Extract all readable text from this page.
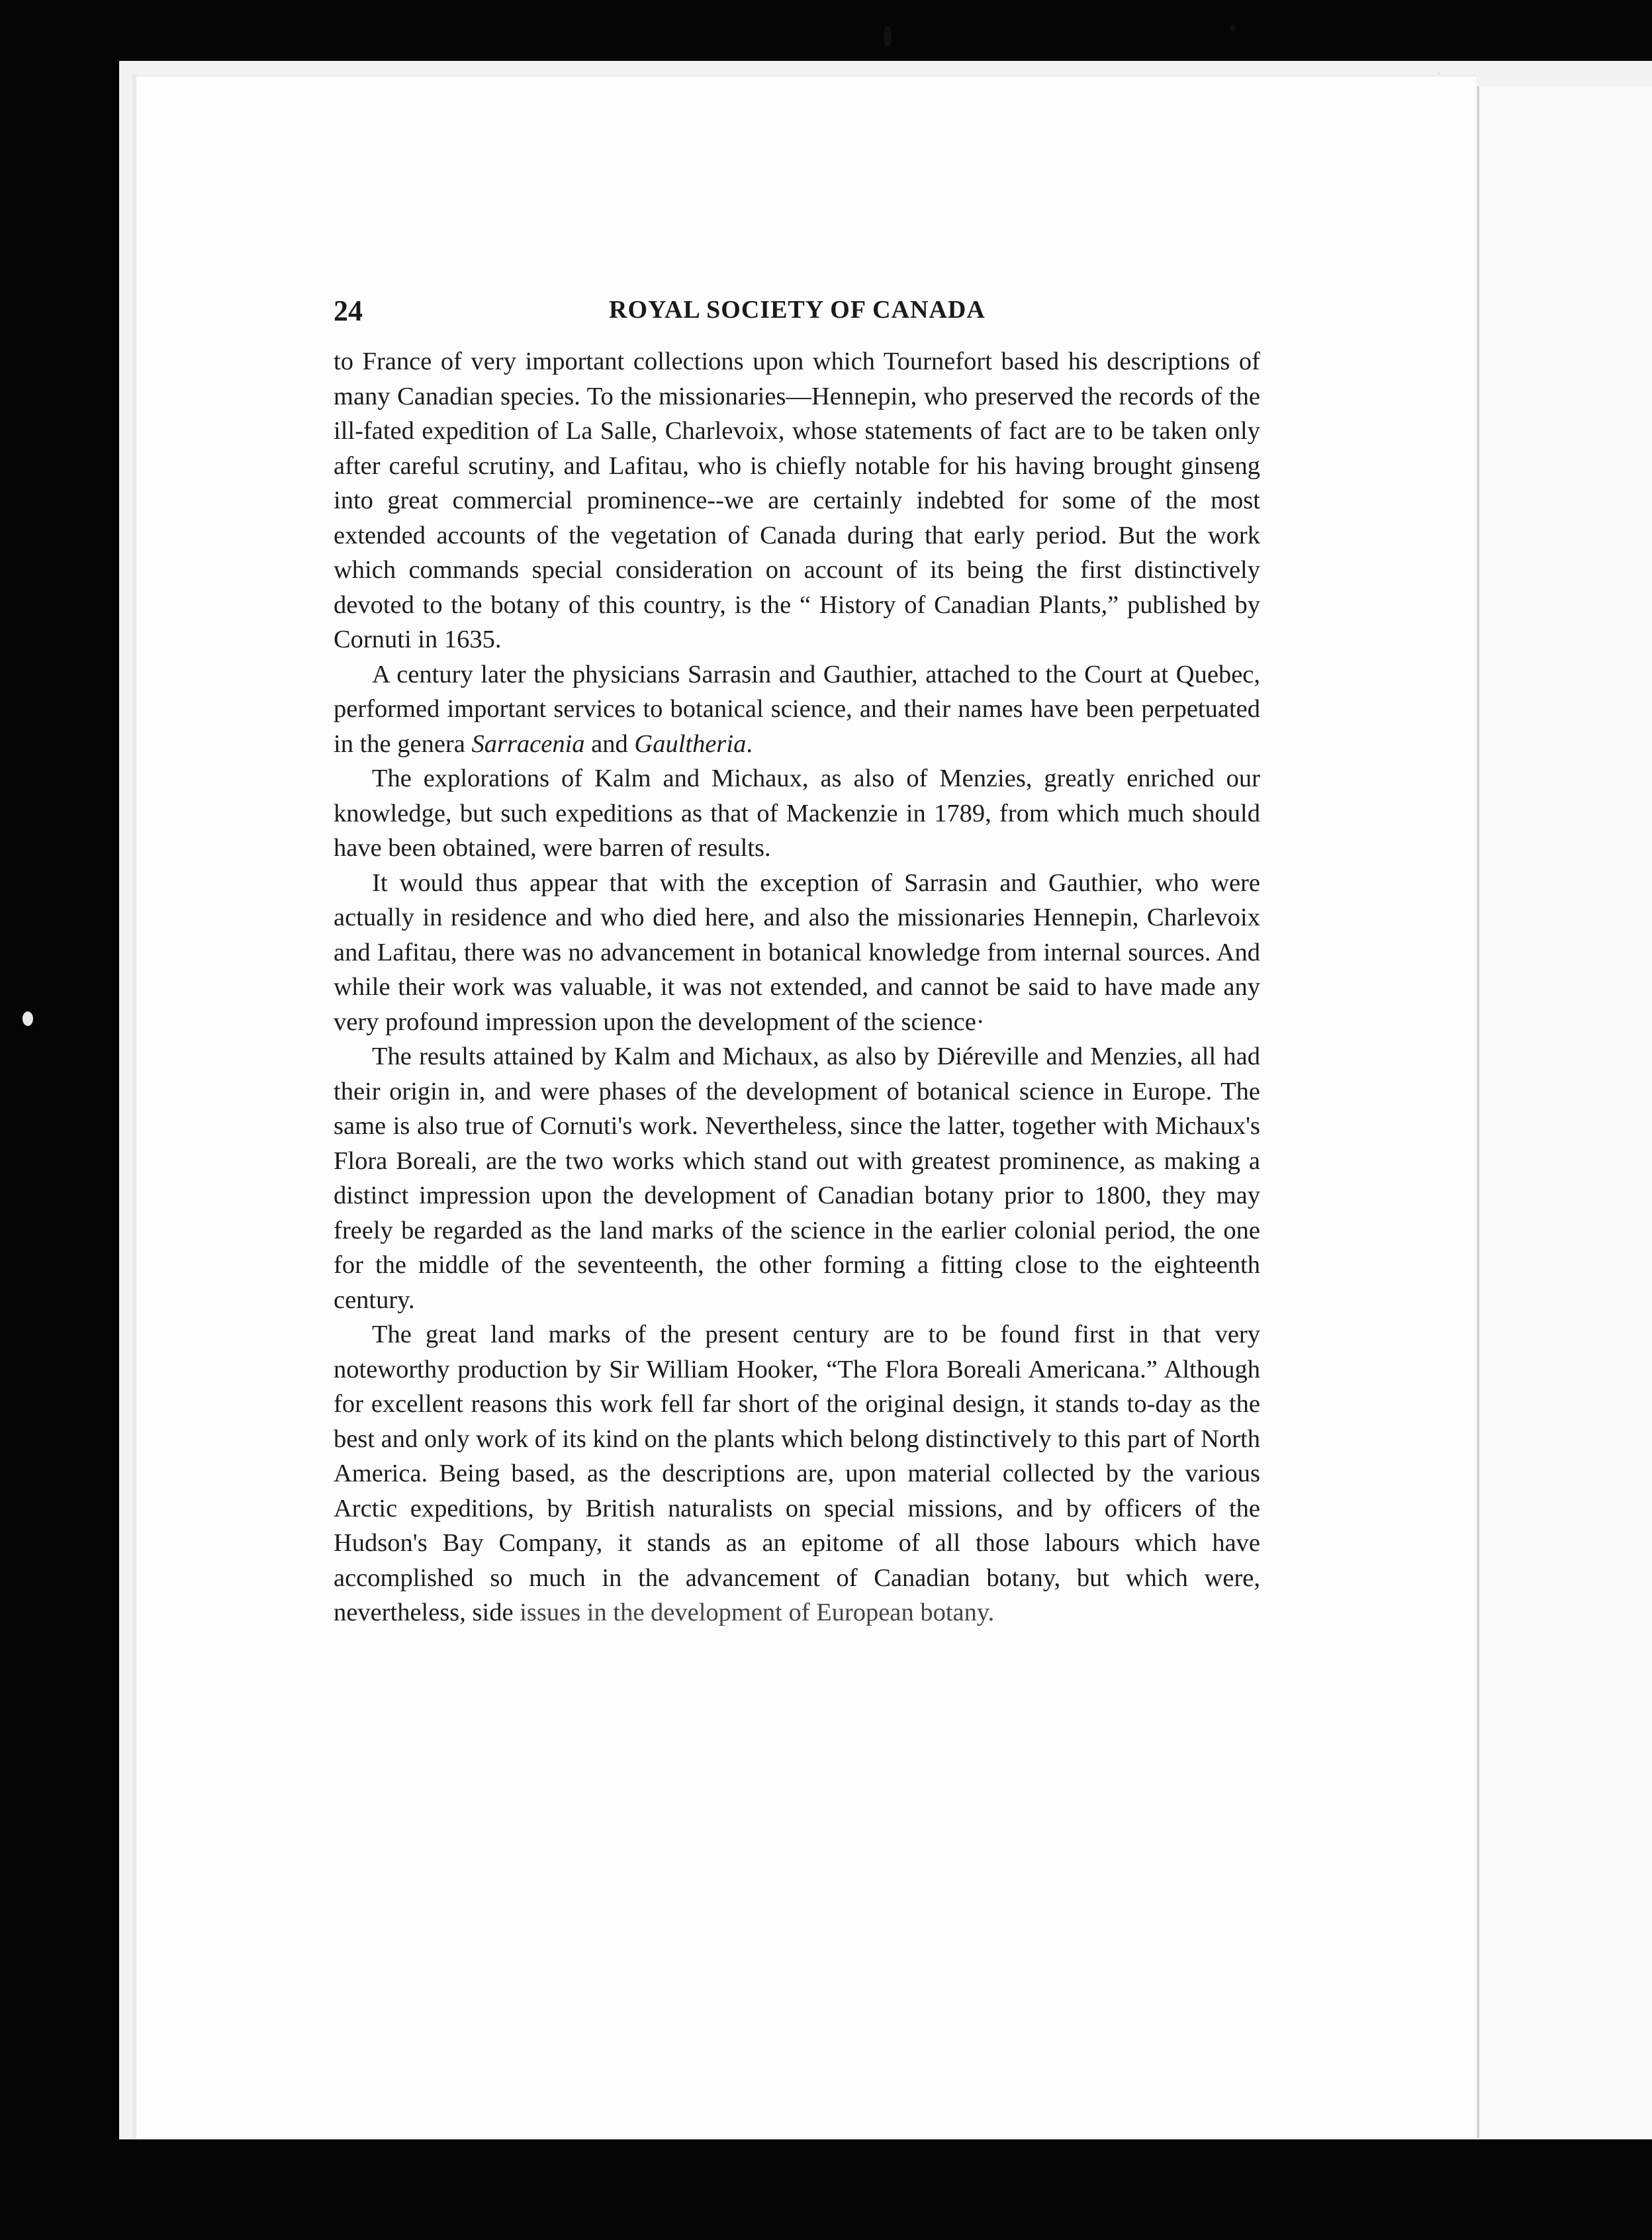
24	ROYAL SOCIETY OF CANADA

to France of very important collections upon which Tournefort based his descriptions of many Canadian species. To the missionaries—Hennepin, who preserved the records of the ill-fated expedition of La Salle, Charlevoix, whose statements of fact are to be taken only after careful scrutiny, and Lafitau, who is chiefly notable for his having brought ginseng into great commercial prominence--we are certainly indebted for some of the most extended accounts of the vegetation of Canada during that early period. But the work which commands special consideration on account of its being the first distinctively devoted to the botany of this country, is the “ History of Canadian Plants,” published by Cornuti in 1635.

A century later the physicians Sarrasin and Gauthier, attached to the Court at Quebec, performed important services to botanical science, and their names have been perpetuated in the genera Sarracenia and Gaultheria.

The explorations of Kalm and Michaux, as also of Menzies, greatly enriched our knowledge, but such expeditions as that of Mackenzie in 1789, from which much should have been obtained, were barren of results.

It would thus appear that with the exception of Sarrasin and Gauthier, who were actually in residence and who died here, and also the missionaries Hennepin, Charlevoix and Lafitau, there was no advancement in botanical knowledge from internal sources. And while their work was valuable, it was not extended, and cannot be said to have made any very profound impression upon the development of the science·

The results attained by Kalm and Michaux, as also by Diéreville and Menzies, all had their origin in, and were phases of the development of botanical science in Europe. The same is also true of Cornuti's work. Nevertheless, since the latter, together with Michaux's Flora Boreali, are the two works which stand out with greatest prominence, as making a distinct impression upon the development of Canadian botany prior to 1800, they may freely be regarded as the land marks of the science in the earlier colonial period, the one for the middle of the seventeenth, the other forming a fitting close to the eighteenth century.

The great land marks of the present century are to be found first in that very noteworthy production by Sir William Hooker, “The Flora Boreali Americana.” Although for excellent reasons this work fell far short of the original design, it stands to-day as the best and only work of its kind on the plants which belong distinctively to this part of North America. Being based, as the descriptions are, upon material collected by the various Arctic expeditions, by British naturalists on special missions, and by officers of the Hudson's Bay Company, it stands as an epitome of all those labours which have accomplished so much in the advancement of Canadian botany, but which were, nevertheless, side issues in the development of European botany.
